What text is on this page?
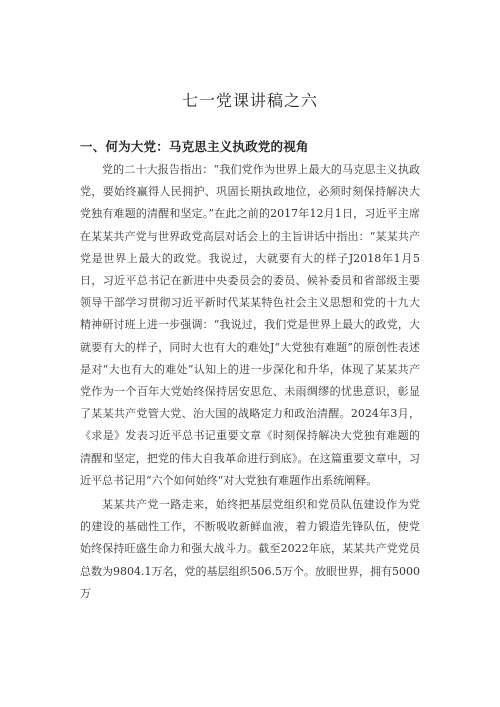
七一党课讲稿之六
一、何为大党：马克思主义执政党的视角

党的二十大报告指出：“我们党作为世界上最大的马克思主义执政党，要始终赢得人民拥护、巩固长期执政地位，必须时刻保持解决大党独有难题的清醒和坚定。”在此之前的2017年12月1日，习近平主席在某某共产党与世界政党高层对话会上的主旨讲话中指出：“某某共产党是世界上最大的政党。我说过，大就要有大的样子J2018年1月5日，习近平总书记在新进中央委员会的委员、候补委员和省部级主要领导干部学习贯彻习近平新时代某某特色社会主义思想和党的十九大精神研讨班上进一步强调：“我说过，我们党是世界上最大的政党，大就要有大的样子，同时大也有大的难处J“大党独有难题”的原创性表述是对“大也有大的难处”认知上的进一步深化和升华，体现了某某共产党作为一个百年大党始终保持居安思危、未雨绸缪的忧患意识，彰显了某某共产党管大党、治大国的战略定力和政治清醒。2024年3月，《求是》发表习近平总书记重要文章《时刻保持解决大党独有难题的清醒和坚定，把党的伟大自我革命进行到底》。在这篇重要文章中，习近平总书记用“六个如何始终“对大党独有难题作出系统阐释。

某某共产党一路走来，始终把基层党组织和党员队伍建设作为党的建设的基础性工作，不断吸收新鲜血液，着力锻造先锋队伍，使党始终保持旺盛生命力和强大战斗力。截至2022年底，某某共产党党员总数为9804.1万名，党的基层组织506.5万个。放眼世界，拥有5000万
